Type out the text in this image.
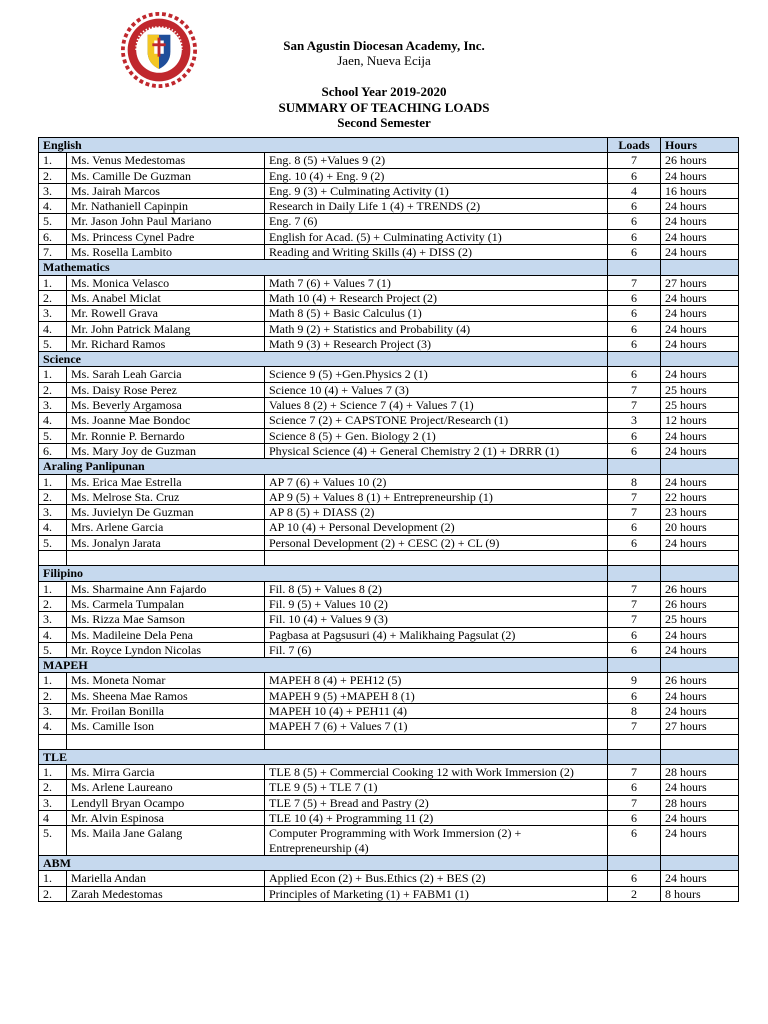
San Agustin Diocesan Academy, Inc.
Jaen, Nueva Ecija
School Year 2019-2020
SUMMARY OF TEACHING LOADS
Second Semester
English			Loads	Hours
1.	Ms. Venus Medestomas	Eng. 8 (5) +Values 9 (2)	7	26 hours
2.	Ms. Camille De Guzman	Eng. 10 (4) + Eng. 9 (2)	6	24 hours
3.	Ms. Jairah Marcos	Eng. 9 (3) + Culminating Activity (1)	4	16 hours
4.	Mr. Nathaniell Capinpin	Research in Daily Life 1 (4) + TRENDS (2)	6	24 hours
5.	Mr. Jason John Paul Mariano	Eng. 7 (6)	6	24 hours
6.	Ms. Princess Cynel Padre	English for Acad. (5) + Culminating Activity (1)	6	24 hours
7.	Ms. Rosella Lambito	Reading and Writing Skills (4) + DISS (2)	6	24 hours
Mathematics				
1.	Ms. Monica Velasco	Math 7 (6) + Values 7 (1)	7	27 hours
2.	Ms. Anabel Miclat	Math 10 (4) + Research Project (2)	6	24 hours
3.	Mr. Rowell Grava	Math 8 (5) + Basic Calculus (1)	6	24 hours
4.	Mr. John Patrick Malang	Math 9 (2) + Statistics and Probability (4)	6	24 hours
5.	Mr. Richard Ramos	Math 9 (3) + Research Project (3)	6	24 hours
Science				
1.	Ms. Sarah Leah Garcia	Science 9 (5) +Gen.Physics 2 (1)	6	24 hours
2.	Ms. Daisy Rose Perez	Science 10 (4) + Values 7 (3)	7	25 hours
3.	Ms. Beverly Argamosa	Values 8 (2) + Science 7 (4) + Values 7 (1)	7	25 hours
4.	Ms. Joanne Mae Bondoc	Science 7 (2) + CAPSTONE Project/Research (1)	3	12 hours
5.	Mr. Ronnie P. Bernardo	Science 8 (5) + Gen. Biology 2 (1)	6	24 hours
6.	Ms. Mary Joy de Guzman	Physical Science (4) + General Chemistry 2 (1) + DRRR (1)	6	24 hours
Araling Panlipunan				
1.	Ms. Erica Mae Estrella	AP 7 (6) + Values 10 (2)	8	24 hours
2.	Ms. Melrose Sta. Cruz	AP 9 (5) + Values 8 (1) + Entrepreneurship (1)	7	22 hours
3.	Ms. Juvielyn De Guzman	AP 8 (5) + DIASS (2)	7	23 hours
4.	Mrs. Arlene Garcia	AP 10 (4) + Personal Development (2)	6	20 hours
5.	Ms. Jonalyn Jarata	Personal Development (2) + CESC (2) + CL (9)	6	24 hours

Filipino				
1.	Ms. Sharmaine Ann Fajardo	Fil. 8 (5) + Values 8 (2)	7	26 hours
2.	Ms. Carmela Tumpalan	Fil. 9 (5) + Values 10 (2)	7	26 hours
3.	Ms. Rizza Mae Samson	Fil. 10 (4) + Values 9 (3)	7	25 hours
4.	Ms. Madileine Dela Pena	Pagbasa at Pagsusuri (4) + Malikhaing Pagsulat (2)	6	24 hours
5.	Mr. Royce Lyndon Nicolas	Fil. 7 (6)	6	24 hours
MAPEH				
1.	Ms. Moneta Nomar	MAPEH 8 (4) + PEH12 (5)	9	26 hours
2.	Ms. Sheena Mae Ramos	MAPEH 9 (5) +MAPEH 8 (1)	6	24 hours
3.	Mr. Froilan Bonilla	MAPEH 10 (4) + PEH11 (4)	8	24 hours
4.	Ms. Camille Ison	MAPEH 7 (6) + Values 7 (1)	7	27 hours

TLE				
1.	Ms. Mirra Garcia	TLE 8 (5) + Commercial Cooking 12 with Work Immersion (2)	7	28 hours
2.	Ms. Arlene Laureano	TLE 9 (5) + TLE 7 (1)	6	24 hours
3.	Lendyll Bryan Ocampo	TLE 7 (5) + Bread and Pastry (2)	7	28 hours
4	Mr. Alvin Espinosa	TLE 10 (4) + Programming 11 (2)	6	24 hours
5.	Ms. Maila Jane Galang	Computer Programming with Work Immersion (2) + Entrepreneurship (4)	6	24 hours
ABM				
1.	Mariella Andan	Applied Econ (2) + Bus.Ethics (2) + BES (2)	6	24 hours
2.	Zarah Medestomas	Principles of Marketing (1) + FABM1 (1)	2	8 hours
